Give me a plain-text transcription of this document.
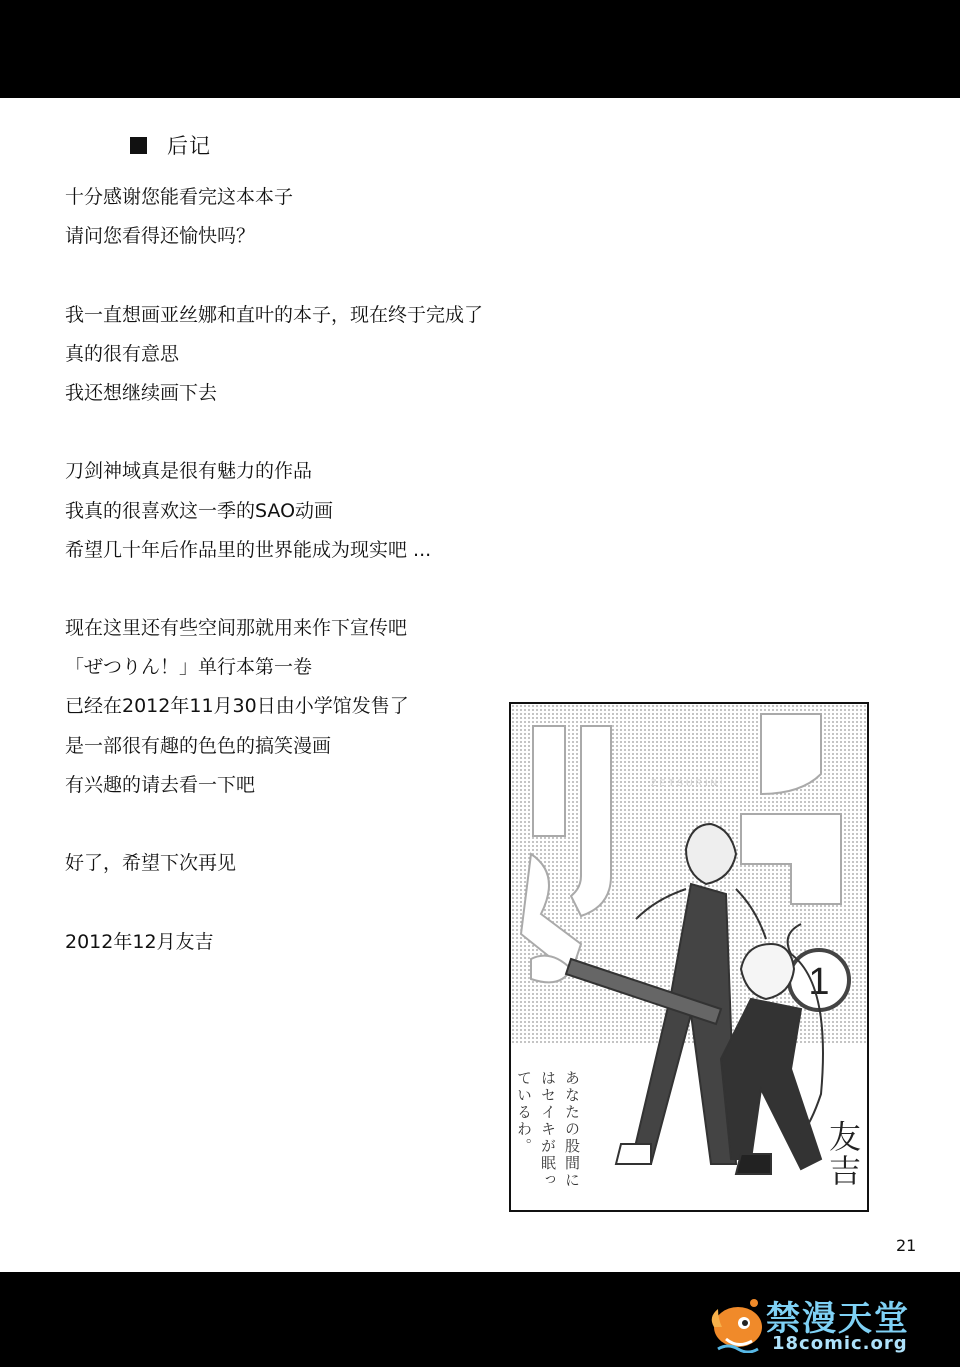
后记
十分感谢您能看完这本本子
请问您看得还愉快吗？
我一直想画亚丝娜和直叶的本子，现在终于完成了
真的很有意思
我还想继续画下去
刀剑神域真是很有魅力的作品
我真的很喜欢这一季的SAO动画
希望几十年后作品里的世界能成为现实吧 ...
现在这里还有些空间那就用来作下宣传吧
「ぜつりん！」单行本第一卷
已经在2012年11月30日由小学馆发售了
是一部很有趣的色色的搞笑漫画
有兴趣的请去看一下吧
好了，希望下次再见
2012年12月友吉
1
ZETSURIN!
あなたの股間にはセイキが眠っているわ。	友吉
21
禁漫天堂
18comic.org
